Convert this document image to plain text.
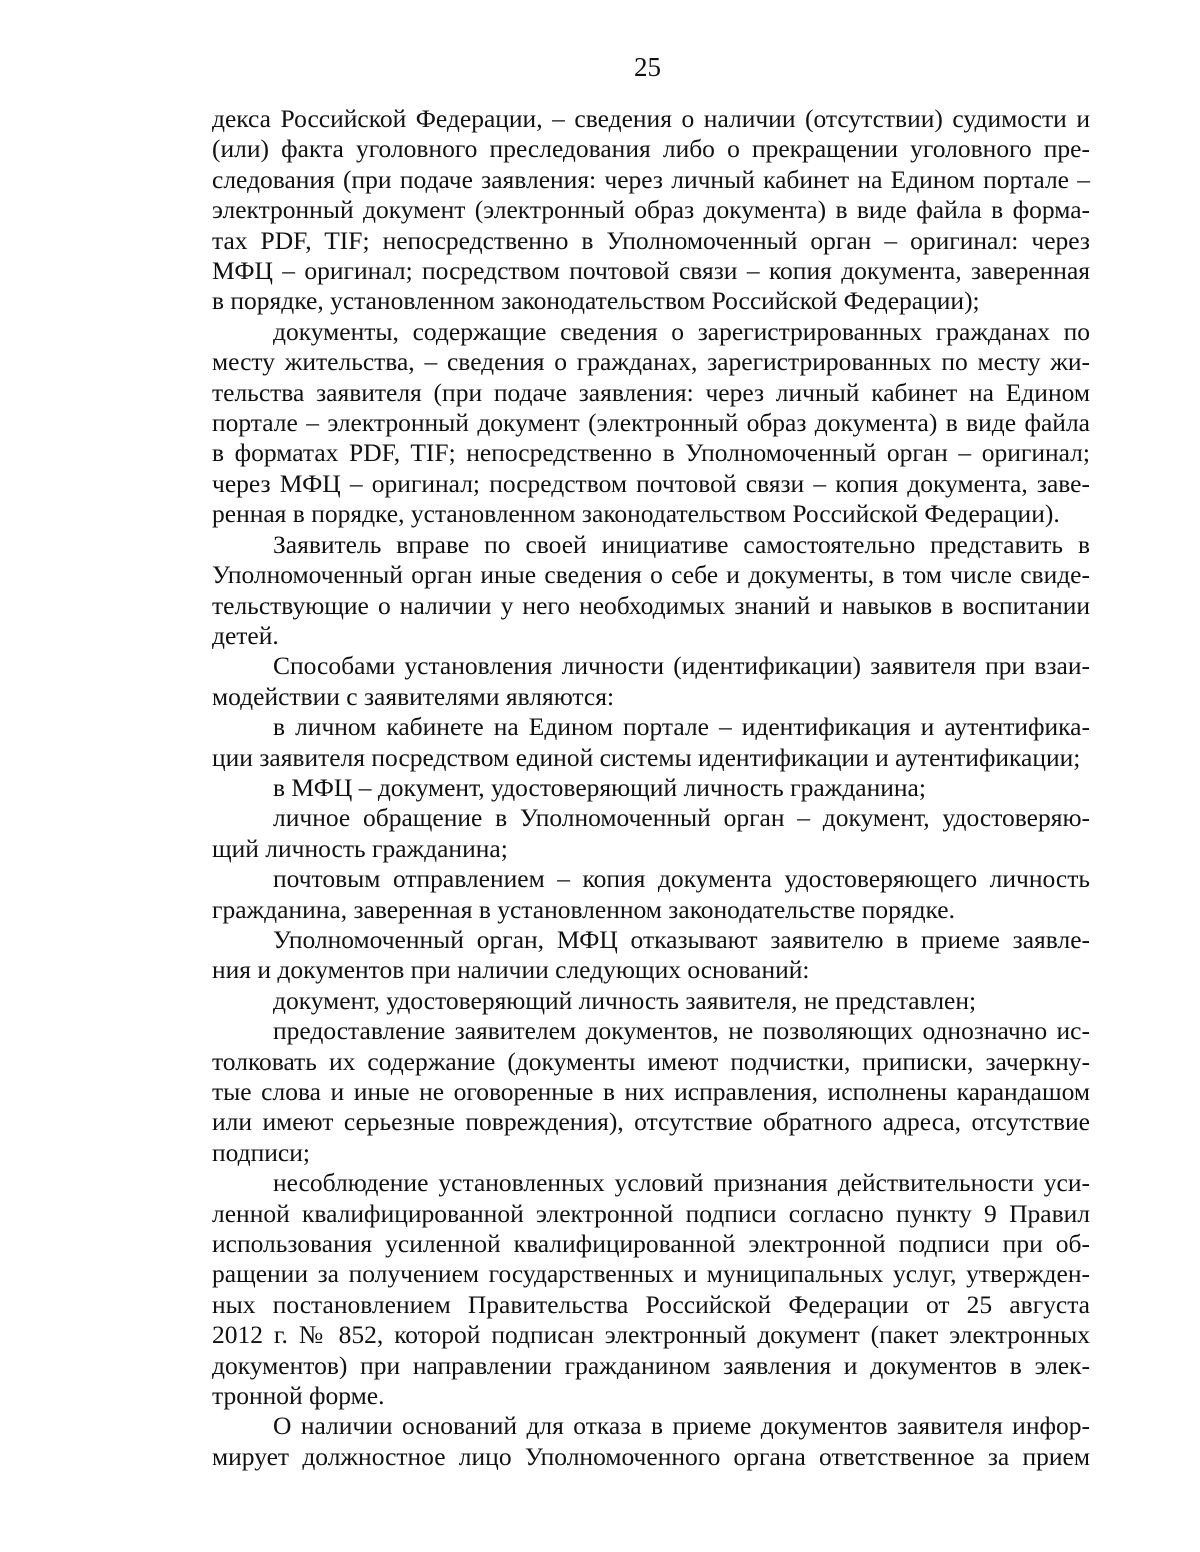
25
декса Российской Федерации, – сведения о наличии (отсутствии) судимости и
(или) факта уголовного преследования либо о прекращении уголовного пре-
следования (при подаче заявления: через личный кабинет на Едином портале –
электронный документ (электронный образ документа) в виде файла в форма-
тах PDF, TIF; непосредственно в Уполномоченный орган – оригинал: через
МФЦ – оригинал; посредством почтовой связи – копия документа, заверенная
в порядке, установленном законодательством Российской Федерации);
документы, содержащие сведения о зарегистрированных гражданах по
месту жительства, – сведения о гражданах, зарегистрированных по месту жи-
тельства заявителя (при подаче заявления: через личный кабинет на Едином
портале – электронный документ (электронный образ документа) в виде файла
в форматах PDF, TIF; непосредственно в Уполномоченный орган – оригинал;
через МФЦ – оригинал; посредством почтовой связи – копия документа, заве-
ренная в порядке, установленном законодательством Российской Федерации).
Заявитель вправе по своей инициативе самостоятельно представить в
Уполномоченный орган иные сведения о себе и документы, в том числе свиде-
тельствующие о наличии у него необходимых знаний и навыков в воспитании
детей.
Способами установления личности (идентификации) заявителя при взаи-
модействии с заявителями являются:
в личном кабинете на Едином портале – идентификация и аутентифика-
ции заявителя посредством единой системы идентификации и аутентификации;
в МФЦ – документ, удостоверяющий личность гражданина;
личное обращение в Уполномоченный орган – документ, удостоверяю-
щий личность гражданина;
почтовым отправлением – копия документа удостоверяющего личность
гражданина, заверенная в установленном законодательстве порядке.
Уполномоченный орган, МФЦ отказывают заявителю в приеме заявле-
ния и документов при наличии следующих оснований:
документ, удостоверяющий личность заявителя, не представлен;
предоставление заявителем документов, не позволяющих однозначно ис-
толковать их содержание (документы имеют подчистки, приписки, зачеркну-
тые слова и иные не оговоренные в них исправления, исполнены карандашом
или имеют серьезные повреждения), отсутствие обратного адреса, отсутствие
подписи;
несоблюдение установленных условий признания действительности уси-
ленной квалифицированной электронной подписи согласно пункту 9 Правил
использования усиленной квалифицированной электронной подписи при об-
ращении за получением государственных и муниципальных услуг, утвержден-
ных постановлением Правительства Российской Федерации от 25 августа
2012 г. № 852, которой подписан электронный документ (пакет электронных
документов) при направлении гражданином заявления и документов в элек-
тронной форме.
О наличии оснований для отказа в приеме документов заявителя инфор-
мирует должностное лицо Уполномоченного органа ответственное за прием
